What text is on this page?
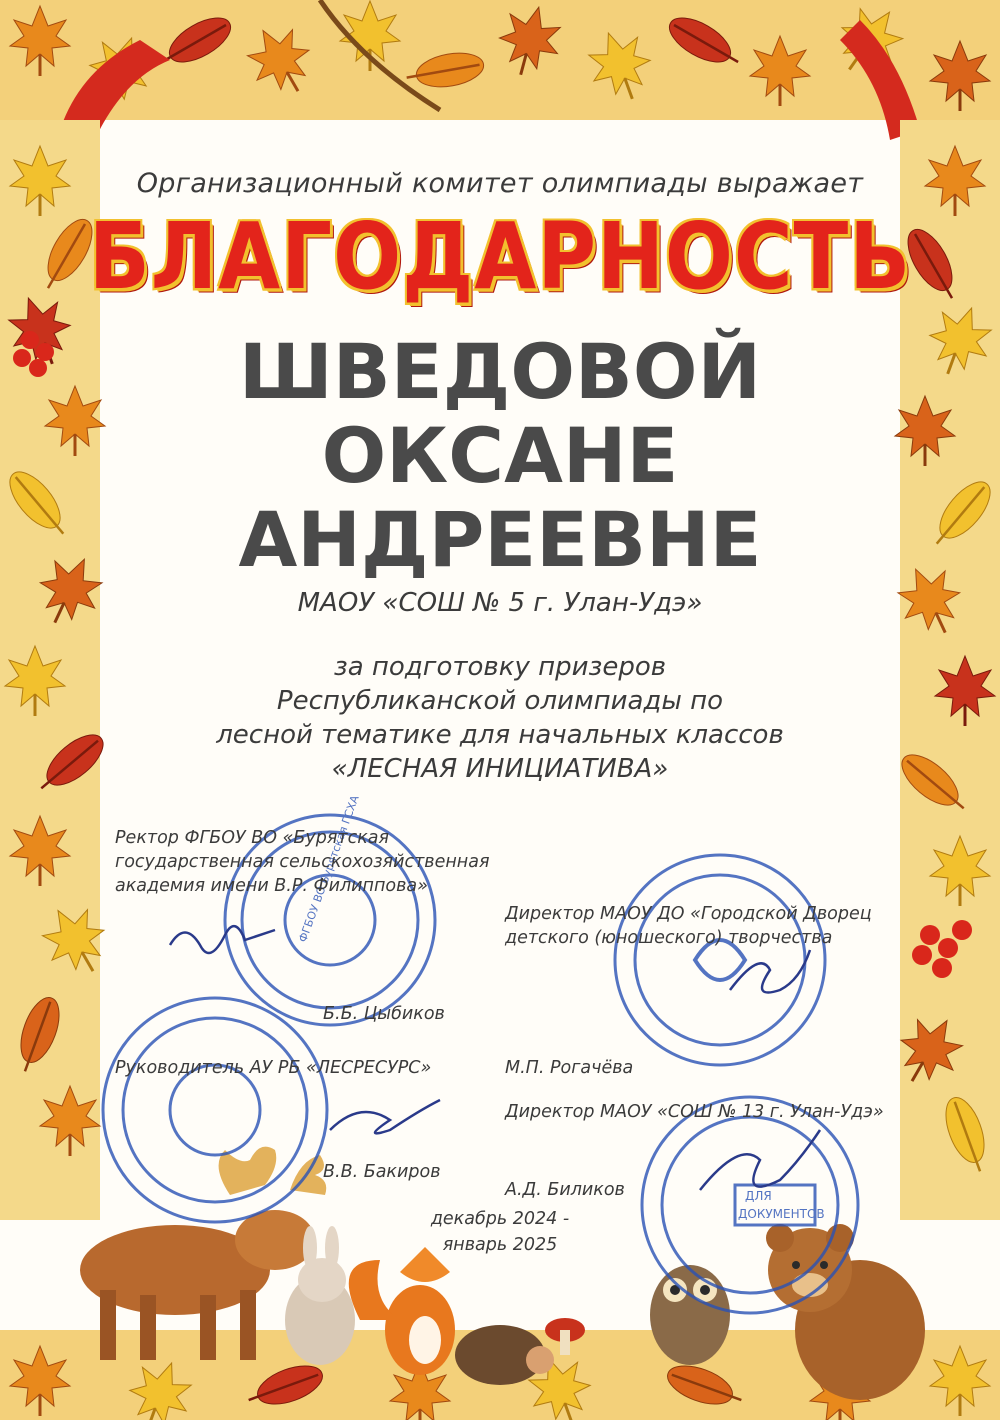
ФГБОУ ВО Бурятская ГСХА
ДЛЯ
ДОКУМЕНТОВ
Организационный комитет олимпиады выражает
БЛАГОДАРНОСТЬ
ШВЕДОВОЙ
ОКСАНЕ
АНДРЕЕВНЕ
МАОУ «СОШ № 5 г. Улан-Удэ»
за подготовку призеров
Республиканской олимпиады по
лесной тематике для начальных классов
«ЛЕСНАЯ ИНИЦИАТИВА»
Ректор ФГБОУ ВО «Бурятская государственная сельскохозяйственная академия имени В.Р. Филиппова»
Директор МАОУ ДО «Городской Дворец детского (юношеского) творчества
Б.Б. Цыбиков
Руководитель АУ РБ «ЛЕСРЕСУРС»	М.П. Рогачёва
Директор МАОУ «СОШ № 13 г. Улан-Удэ»
В.В. Бакиров
А.Д. Биликов
декабрь 2024 -
январь 2025
